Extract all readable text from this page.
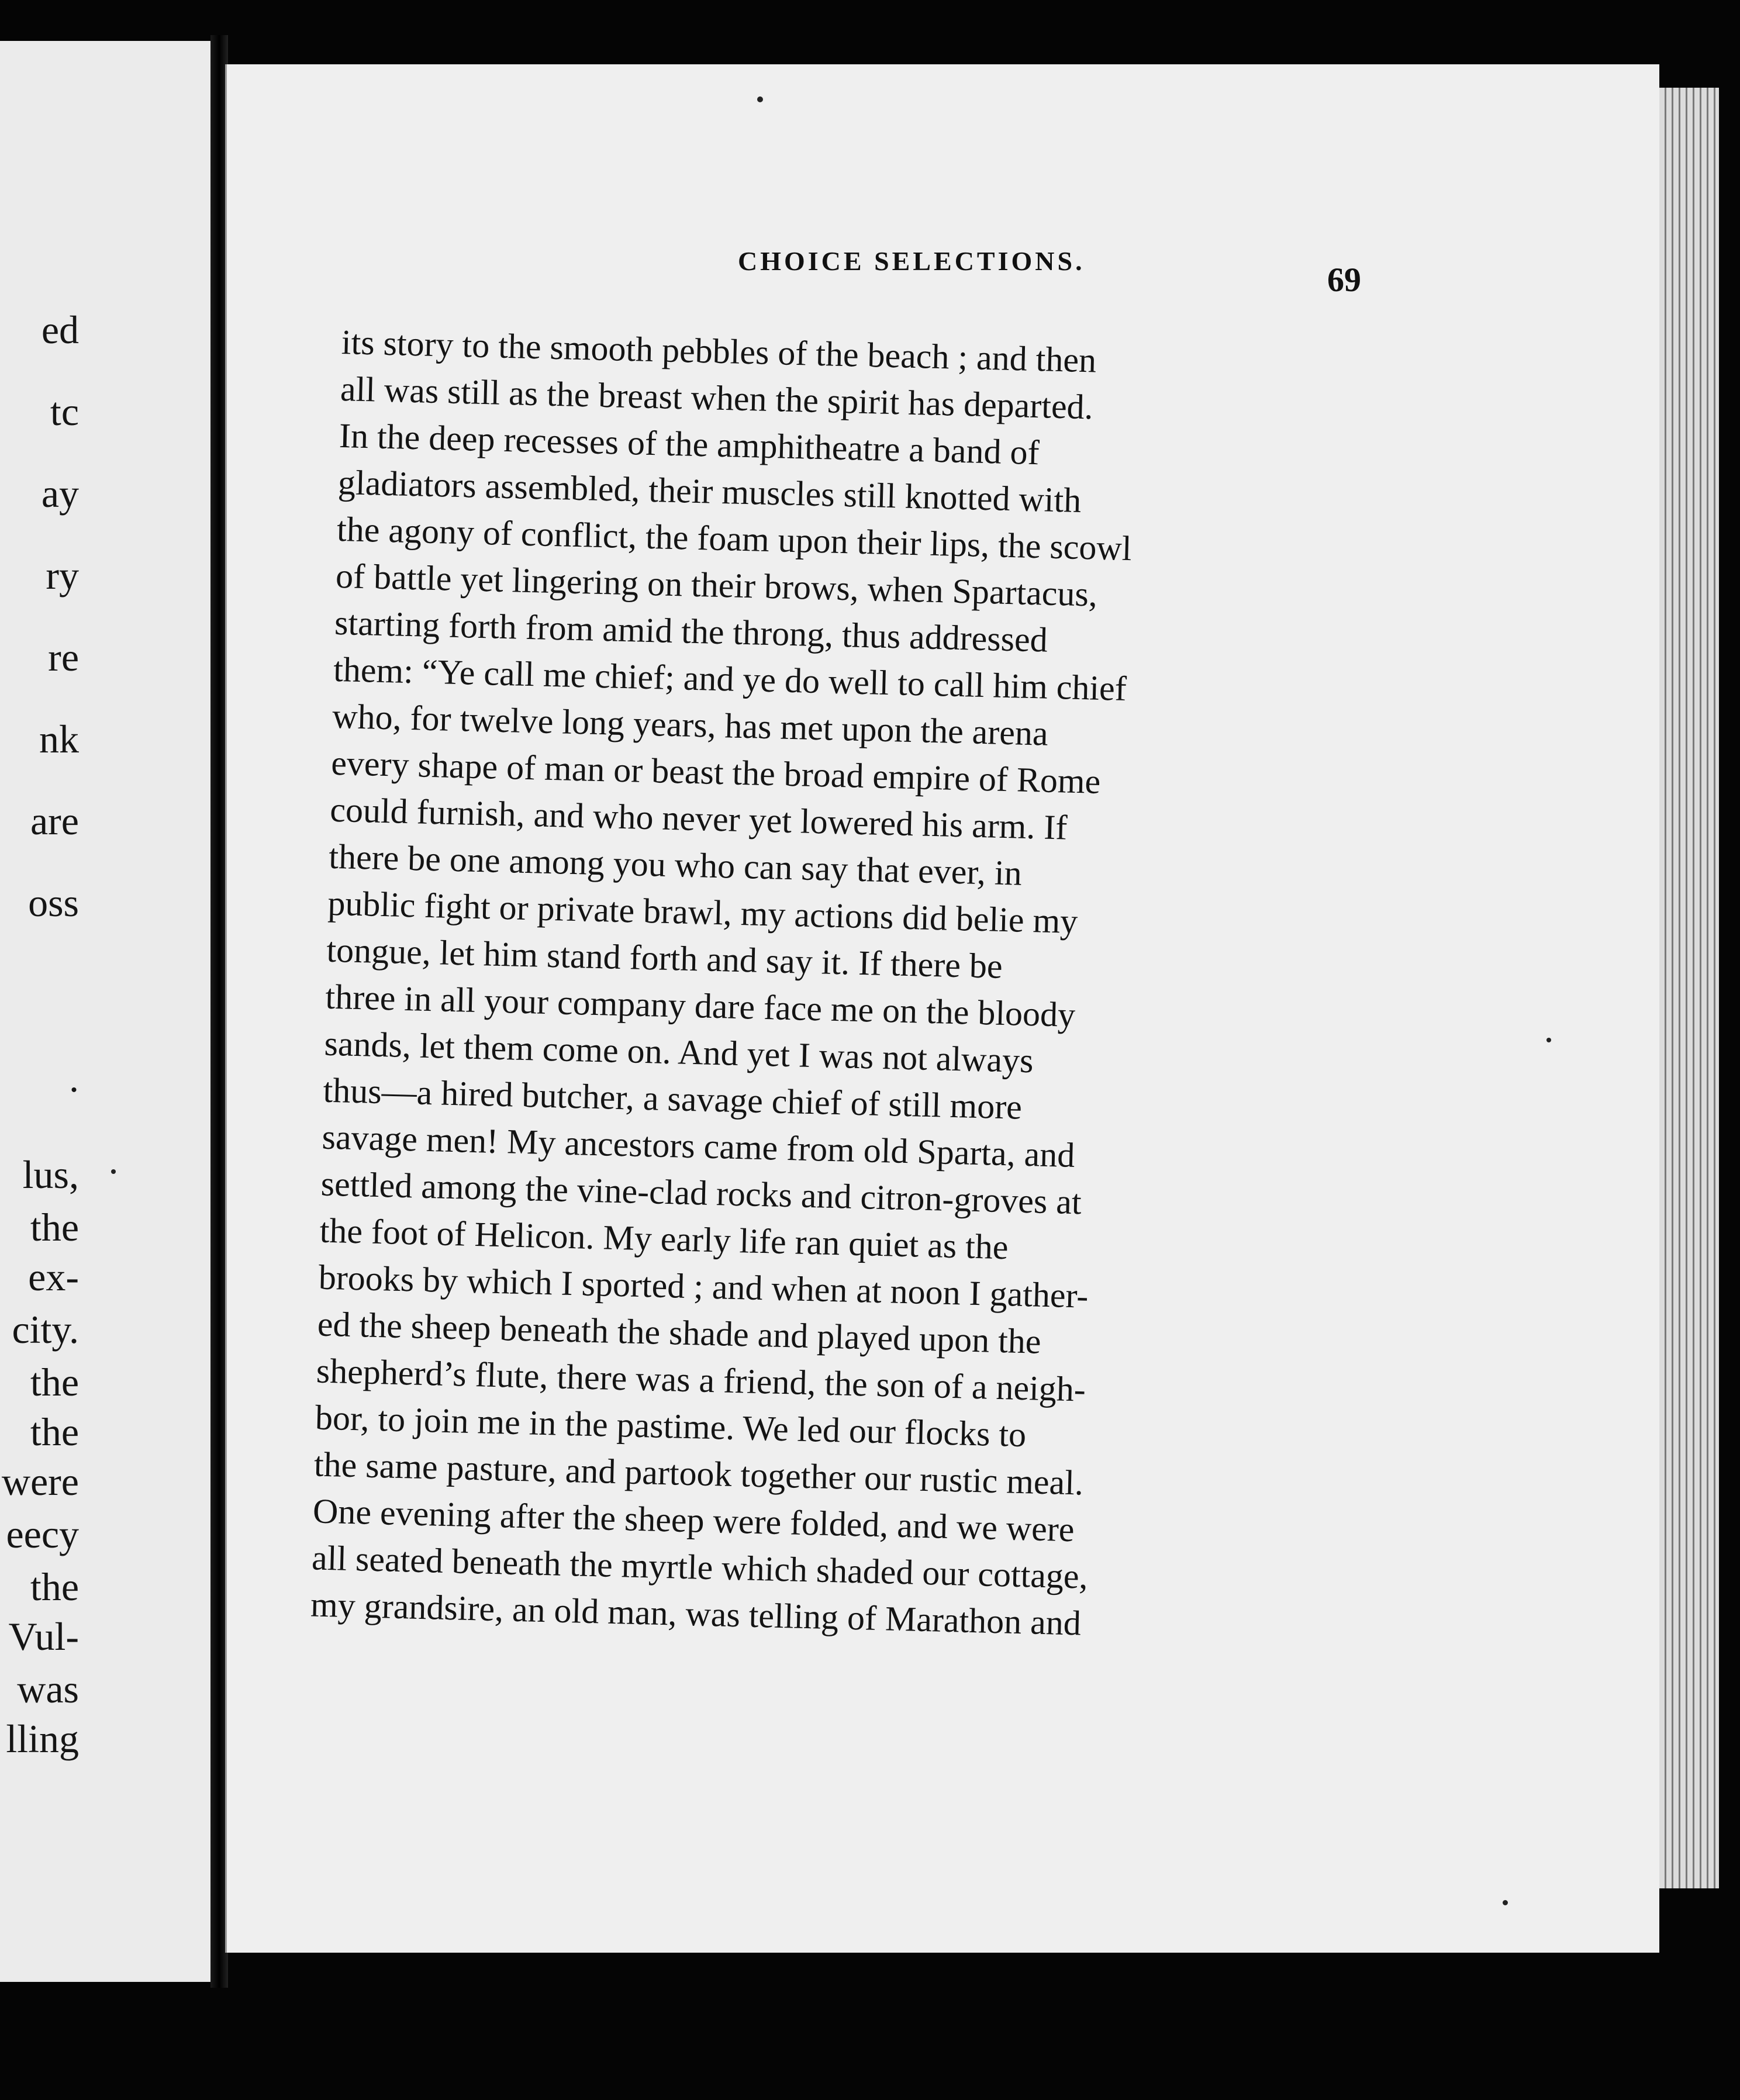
ed
tc
ay
ry
re
nk
are
oss
.
lus,
the
ex-
city.
the
the
were
eecy
the
Vul-
was
lling
CHOICE SELECTIONS.	69
its story to the smooth pebbles of the beach ; and then
all was still as the breast when the spirit has departed.
In the deep recesses of the amphitheatre a band of
gladiators assembled, their muscles still knotted with
the agony of conflict, the foam upon their lips, the scowl
of battle yet lingering on their brows, when Spartacus,
starting forth from amid the throng, thus addressed
them: “Ye call me chief; and ye do well to call him chief
who, for twelve long years, has met upon the arena
every shape of man or beast the broad empire of Rome
could furnish, and who never yet lowered his arm. If
there be one among you who can say that ever, in
public fight or private brawl, my actions did belie my
tongue, let him stand forth and say it. If there be
three in all your company dare face me on the bloody
sands, let them come on. And yet I was not always
thus—a hired butcher, a savage chief of still more
savage men! My ancestors came from old Sparta, and
settled among the vine-clad rocks and citron-groves at
the foot of Helicon. My early life ran quiet as the
brooks by which I sported ; and when at noon I gather-
ed the sheep beneath the shade and played upon the
shepherd’s flute, there was a friend, the son of a neigh-
bor, to join me in the pastime. We led our flocks to
the same pasture, and partook together our rustic meal.
One evening after the sheep were folded, and we were
all seated beneath the myrtle which shaded our cottage,
my grandsire, an old man, was telling of Marathon and
